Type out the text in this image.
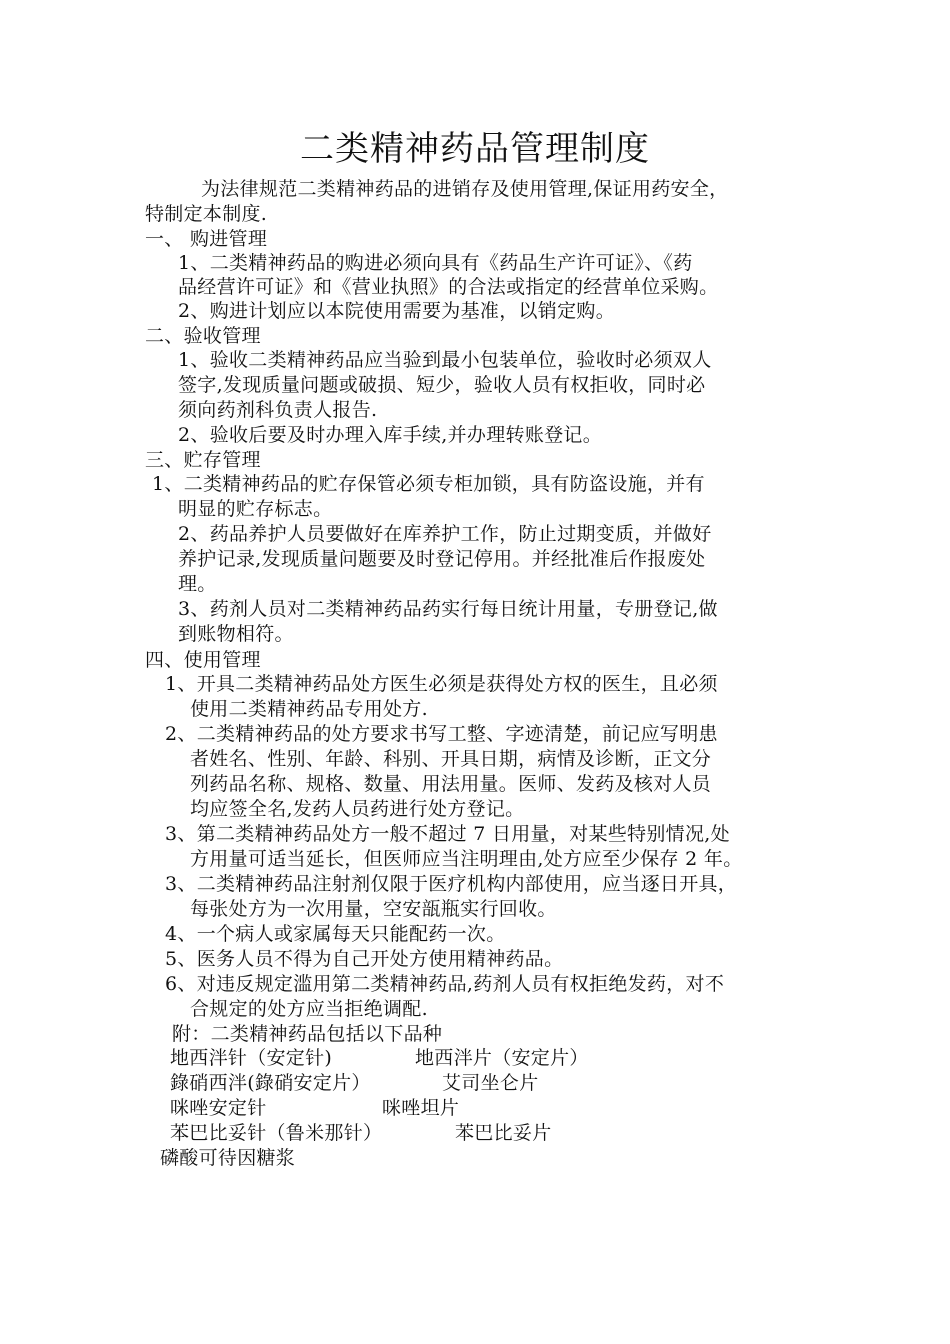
二类精神药品管理制度
为法律规范二类精神药品的进销存及使用管理,保证用药安全，
特制定本制度.
一、 购进管理
1、二类精神药品的购进必须向具有《药品生产许可证》、《药
品经营许可证》和《营业执照》的合法或指定的经营单位采购。
2、购进计划应以本院使用需要为基准，以销定购。
二、验收管理
1、验收二类精神药品应当验到最小包装单位，验收时必须双人
签字,发现质量问题或破损、短少，验收人员有权拒收，同时必
须向药剂科负责人报告.
2、验收后要及时办理入库手续,并办理转账登记。
三、贮存管理
1、二类精神药品的贮存保管必须专柜加锁，具有防盗设施，并有
明显的贮存标志。
2、药品养护人员要做好在库养护工作，防止过期变质，并做好
养护记录,发现质量问题要及时登记停用。并经批准后作报废处
理。
3、药剂人员对二类精神药品药实行每日统计用量，专册登记,做
到账物相符。
四、使用管理
1、开具二类精神药品处方医生必须是获得处方权的医生，且必须
使用二类精神药品专用处方.
2、二类精神药品的处方要求书写工整、字迹清楚，前记应写明患
者姓名、性别、年龄、科别、开具日期，病情及诊断，正文分
列药品名称、规格、数量、用法用量。医师、发药及核对人员
均应签全名,发药人员药进行处方登记。
3、第二类精神药品处方一般不超过 7 日用量，对某些特别情况,处
方用量可适当延长，但医师应当注明理由,处方应至少保存 2 年。
3、二类精神药品注射剂仅限于医疗机构内部使用，应当逐日开具，
每张处方为一次用量，空安瓿瓶实行回收。
4、一个病人或家属每天只能配药一次。
5、医务人员不得为自己开处方使用精神药品。
6、对违反规定滥用第二类精神药品,药剂人员有权拒绝发药，对不
合规定的处方应当拒绝调配.
附：二类精神药品包括以下品种
地西泮针（安定针)	地西泮片（安定片）
錄硝西泮(錄硝安定片）	艾司坐仑片
咪唑安定针	咪唑坦片
苯巴比妥针（鲁米那针）	苯巴比妥片
磷酸可待因糖浆
